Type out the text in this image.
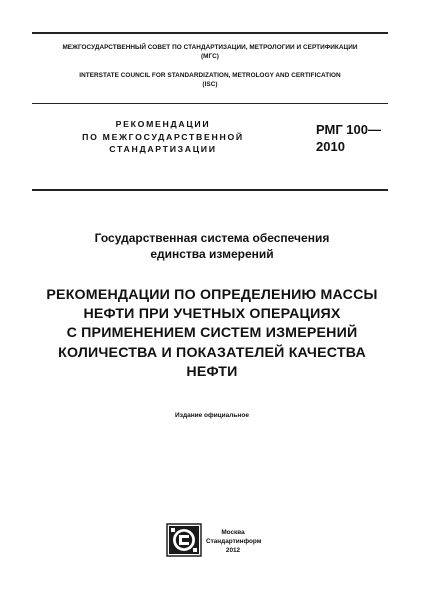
МЕЖГОСУДАРСТВЕННЫЙ СОВЕТ ПО СТАНДАРТИЗАЦИИ, МЕТРОЛОГИИ И СЕРТИФИКАЦИИ
(МГС)
INTERSTATE COUNCIL FOR STANDARDIZATION, METROLOGY AND CERTIFICATION
(ISC)
РЕКОМЕНДАЦИИ
ПО МЕЖГОСУДАРСТВЕННОЙ
СТАНДАРТИЗАЦИИ
РМГ 100—
2010
Государственная система обеспечения
единства измерений
РЕКОМЕНДАЦИИ ПО ОПРЕДЕЛЕНИЮ МАССЫ
НЕФТИ ПРИ УЧЕТНЫХ ОПЕРАЦИЯХ
С ПРИМЕНЕНИЕМ СИСТЕМ ИЗМЕРЕНИЙ
КОЛИЧЕСТВА И ПОКАЗАТЕЛЕЙ КАЧЕСТВА
НЕФТИ
Издание официальное
Москва
Стандартинформ
2012
